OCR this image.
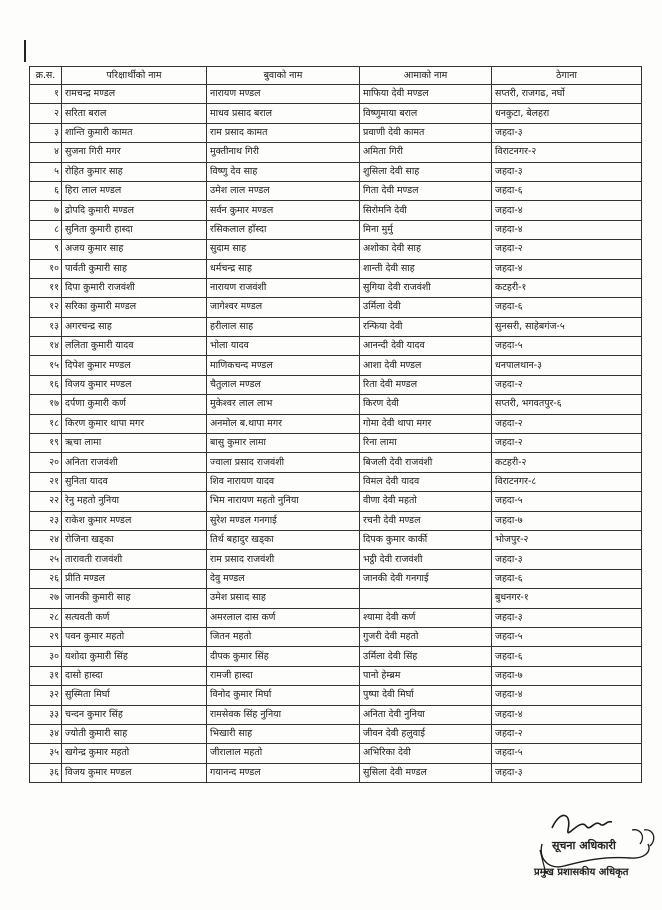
क्र.स.	परिक्षार्थीको नाम	बुवाको नाम	आमाको नाम	ठेगाना
१	रामचन्द्र मण्डल	नारायण मण्डल	माफिया देवी मण्डल	सप्तरी, राजगढ, नर्घो
२	सरिता बराल	माधव प्रसाद बराल	विष्णुमाया बराल	धनकुटा, बेलहरा
३	शान्ति कुमारी कामत	राम प्रसाद कामत	प्रवाणी देवी कामत	जहदा-३
४	सुजना गिरी मगर	मुक्तीनाथ गिरी	अमिता गिरी	विराटनगर-२
५	रोहित कुमार साह	विष्णु देव साह	शुसिला देवी साह	जहदा-३
६	हिरा लाल मण्डल	उमेश लाल मण्डल	गिता देवी मण्डल	जहदा-६
७	द्रोपदि कुमारी मण्डल	सर्वन कुमार मण्डल	सिरोमनि देवी	जहदा-४
८	सुनिता कुमारी हास्दा	रसिकलाल हाँस्दा	मिना मुर्मु	जहदा-४
९	अजय कुमार साह	सुदाम साह	अशोका देवी साह	जहदा-२
१०	पार्वती कुमारी साह	धर्मचन्द्र साह	शान्ती देवी साह	जहदा-४
११	दिपा कुमारी राजवंशी	नारायण राजवंशी	सुगिया देवी राजवंशी	कटहरी-१
१२	सरिका कुमारी मण्डल	जागेश्वर मण्डल	उर्मिला देवी	जहदा-६
१३	अगरचन्द्र साह	हरीलाल साह	रन्फिया देवी	सुनसरी, साहेबगंज-५
१४	ललिता कुमारी यादव	भोला यादव	आनन्दी देवी यादव	जहदा-५
१५	दिपेश कुमार मण्डल	माणिकचन्द मण्डल	आशा देवी मण्डल	धनपालथान-३
१६	विजय कुमार मण्डल	चैतुलाल मण्डल	रिता देवी मण्डल	जहदा-२
१७	दर्पणा कुमारी कर्ण	मुकेश्वर लाल लाभ	किरण देवी	सप्तरी, भगवतपुर-६
१८	किरण कुमार थापा मगर	अनमोल ब.थापा मगर	गोमा देवी थापा मगर	जहदा-२
१९	ऋचा लामा	बासु कुमार लामा	रिना लामा	जहदा-२
२०	अनिता राजवंशी	ज्वाला प्रसाद राजवंशी	बिजली देवी राजवंशी	कटहरी-२
२१	सुनिता यादव	शिव नारायण यादव	विमल देवी यादव	विराटनगर-८
२२	रेनु महतो नुनिया	भिम नारायण महतो नुनिया	वीणा देवी महतो	जहदा-५
२३	राकेश कुमार मण्डल	सुरेश मण्डल गनगाई	रचनी देवी मण्डल	जहदा-७
२४	रोजिना खड्का	तिर्थ बहादुर खड्का	दिपक कुमार कार्की	भोजपुर-२
२५	तारावती राजवंशी	राम प्रसाद राजवंशी	भट्ठी देवी राजवंशी	जहदा-३
२६	प्रीति मण्डल	देवु मण्डल	जानकी देवी गनगाई	जहदा-६
२७	जानकी कुमारी साह	उमेश प्रसाद साह		बुधनगर-१
२८	सत्यवती कर्ण	अमरलाल दास कर्ण	श्यामा देवी कर्ण	जहदा-३
२९	पवन कुमार महतो	जितन महतो	गुजरी देवी महतो	जहदा-५
३०	यशोदा कुमारी सिंह	दीपक कुमार सिंह	उर्मिला देवी सिंह	जहदा-६
३१	दासो हास्दा	रामजी हास्दा	पानो हेम्ब्रम	जहदा-७
३२	सुस्मिता मिर्घा	विनोद कुमार मिर्घा	पुष्पा देवी मिर्घा	जहदा-४
३३	चन्दन कुमार सिंह	रामसेवक सिंह नुनिया	अनिता देवी नुनिया	जहदा-४
३४	ज्योती कुमारी साह	भिखारी साह	जीवन देवी हलुवाई	जहदा-२
३५	खगेन्द्र कुमार महतो	जीरालाल महतो	अभिरिका देवी	जहदा-५
३६	विजय कुमार मण्डल	गयानन्द मण्डल	सुसिला देवी मण्डल	जहदा-३
सूचना अधिकारी
प्रमुख प्रशासकीय अधिकृत
